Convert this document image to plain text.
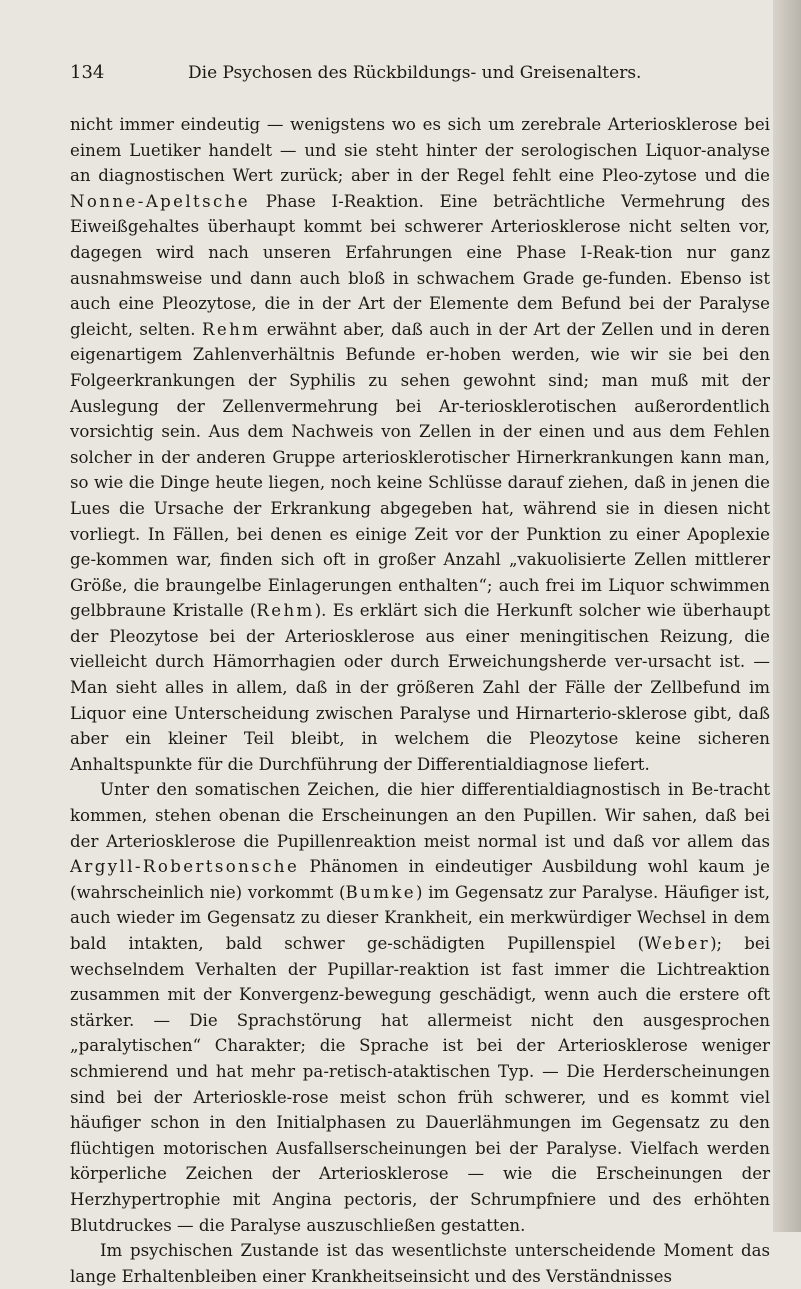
134	Die Psychosen des Rückbildungs- und Greisenalters.

nicht immer eindeutig — wenigstens wo es sich um zerebrale Arteriosklerose bei einem Luetiker handelt — und sie steht hinter der serologischen Liquor-analyse an diagnostischen Wert zurück; aber in der Regel fehlt eine Pleo-zytose und die Nonne-Apeltsche Phase I-Reaktion. Eine beträchtliche Vermehrung des Eiweißgehaltes überhaupt kommt bei schwerer Arteriosklerose nicht selten vor, dagegen wird nach unseren Erfahrungen eine Phase I-Reak-tion nur ganz ausnahmsweise und dann auch bloß in schwachem Grade ge-funden. Ebenso ist auch eine Pleozytose, die in der Art der Elemente dem Befund bei der Paralyse gleicht, selten. Rehm erwähnt aber, daß auch in der Art der Zellen und in deren eigenartigem Zahlenverhältnis Befunde er-hoben werden, wie wir sie bei den Folgeerkrankungen der Syphilis zu sehen gewohnt sind; man muß mit der Auslegung der Zellenvermehrung bei Ar-teriosklerotischen außerordentlich vorsichtig sein. Aus dem Nachweis von Zellen in der einen und aus dem Fehlen solcher in der anderen Gruppe arteriosklerotischer Hirnerkrankungen kann man, so wie die Dinge heute liegen, noch keine Schlüsse darauf ziehen, daß in jenen die Lues die Ursache der Erkrankung abgegeben hat, während sie in diesen nicht vorliegt. In Fällen, bei denen es einige Zeit vor der Punktion zu einer Apoplexie ge-kommen war, finden sich oft in großer Anzahl „vakuolisierte Zellen mittlerer Größe, die braungelbe Einlagerungen enthalten“; auch frei im Liquor schwimmen gelbbraune Kristalle (Rehm). Es erklärt sich die Herkunft solcher wie überhaupt der Pleozytose bei der Arteriosklerose aus einer meningitischen Reizung, die vielleicht durch Hämorrhagien oder durch Erweichungsherde ver-ursacht ist. — Man sieht alles in allem, daß in der größeren Zahl der Fälle der Zellbefund im Liquor eine Unterscheidung zwischen Paralyse und Hirnarterio-sklerose gibt, daß aber ein kleiner Teil bleibt, in welchem die Pleozytose keine sicheren Anhaltspunkte für die Durchführung der Differentialdiagnose liefert.

Unter den somatischen Zeichen, die hier differentialdiagnostisch in Be-tracht kommen, stehen obenan die Erscheinungen an den Pupillen. Wir sahen, daß bei der Arteriosklerose die Pupillenreaktion meist normal ist und daß vor allem das Argyll-Robertsonsche Phänomen in eindeutiger Ausbildung wohl kaum je (wahrscheinlich nie) vorkommt (Bumke) im Gegensatz zur Paralyse. Häufiger ist, auch wieder im Gegensatz zu dieser Krankheit, ein merkwürdiger Wechsel in dem bald intakten, bald schwer ge-schädigten Pupillenspiel (Weber); bei wechselndem Verhalten der Pupillar-reaktion ist fast immer die Lichtreaktion zusammen mit der Konvergenz-bewegung geschädigt, wenn auch die erstere oft stärker. — Die Sprachstörung hat allermeist nicht den ausgesprochen „paralytischen“ Charakter; die Sprache ist bei der Arteriosklerose weniger schmierend und hat mehr pa-retisch-ataktischen Typ. — Die Herderscheinungen sind bei der Arterioskle-rose meist schon früh schwerer, und es kommt viel häufiger schon in den Initialphasen zu Dauerlähmungen im Gegensatz zu den flüchtigen motorischen Ausfallserscheinungen bei der Paralyse. Vielfach werden körperliche Zeichen der Arteriosklerose — wie die Erscheinungen der Herzhypertrophie mit Angina pectoris, der Schrumpfniere und des erhöhten Blutdruckes — die Paralyse auszuschließen gestatten.

Im psychischen Zustande ist das wesentlichste unterscheidende Moment das lange Erhaltenbleiben einer Krankheitseinsicht und des Verständnisses
